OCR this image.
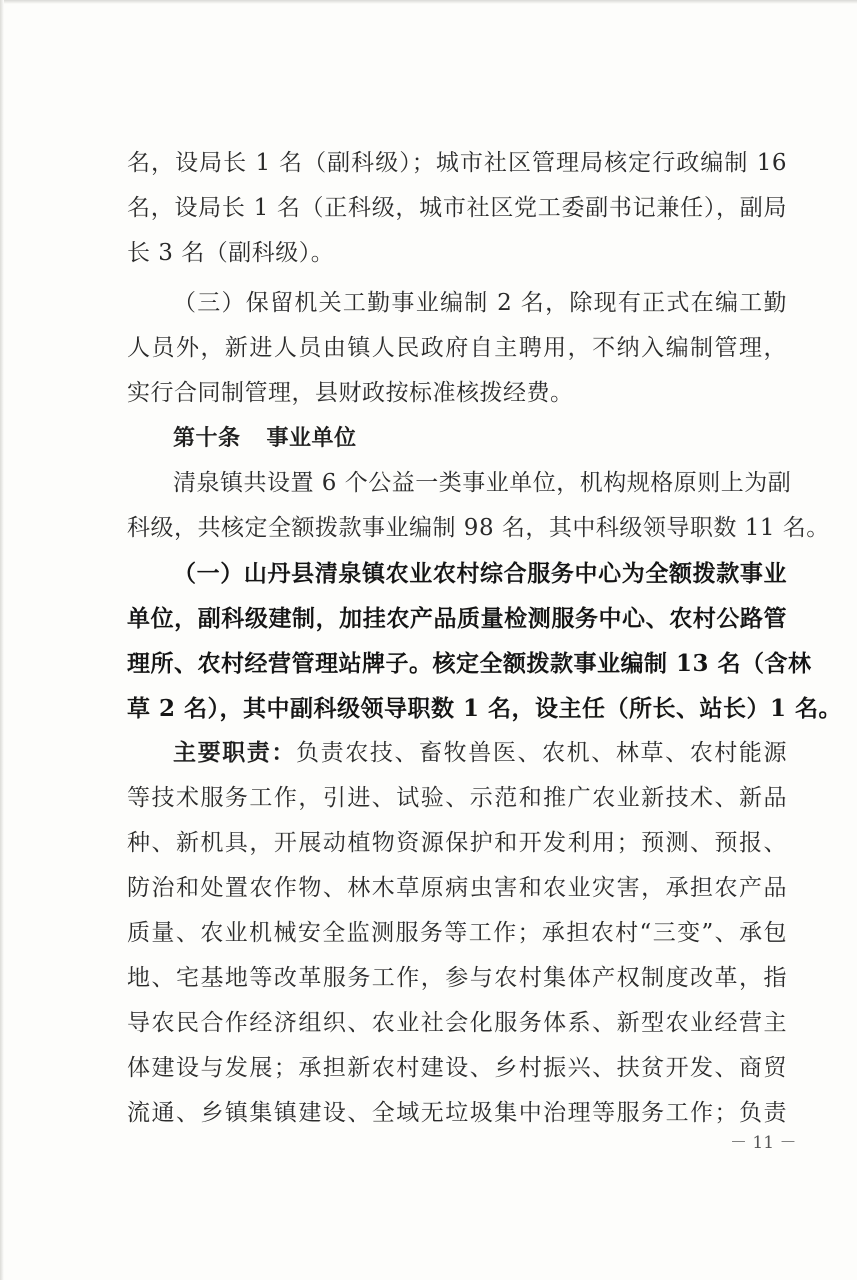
名，设局长 1 名（副科级）；城市社区管理局核定行政编制 16
名，设局长 1 名（正科级，城市社区党工委副书记兼任），副局
长 3 名（副科级）。
（三）保留机关工勤事业编制 2 名，除现有正式在编工勤
人员外，新进人员由镇人民政府自主聘用，不纳入编制管理，
实行合同制管理，县财政按标准核拨经费。
第十条 事业单位
清泉镇共设置 6 个公益一类事业单位，机构规格原则上为副
科级，共核定全额拨款事业编制 98 名，其中科级领导职数 11 名。
（一）山丹县清泉镇农业农村综合服务中心为全额拨款事业
单位，副科级建制，加挂农产品质量检测服务中心、农村公路管
理所、农村经营管理站牌子。核定全额拨款事业编制 13 名（含林
草 2 名），其中副科级领导职数 1 名，设主任（所长、站长）1 名。
主要职责：负责农技、畜牧兽医、农机、林草、农村能源
等技术服务工作，引进、试验、示范和推广农业新技术、新品
种、新机具，开展动植物资源保护和开发利用；预测、预报、
防治和处置农作物、林木草原病虫害和农业灾害，承担农产品
质量、农业机械安全监测服务等工作；承担农村“三变”、承包
地、宅基地等改革服务工作，参与农村集体产权制度改革，指
导农民合作经济组织、农业社会化服务体系、新型农业经营主
体建设与发展；承担新农村建设、乡村振兴、扶贫开发、商贸
流通、乡镇集镇建设、全域无垃圾集中治理等服务工作；负责
－ 11 －
